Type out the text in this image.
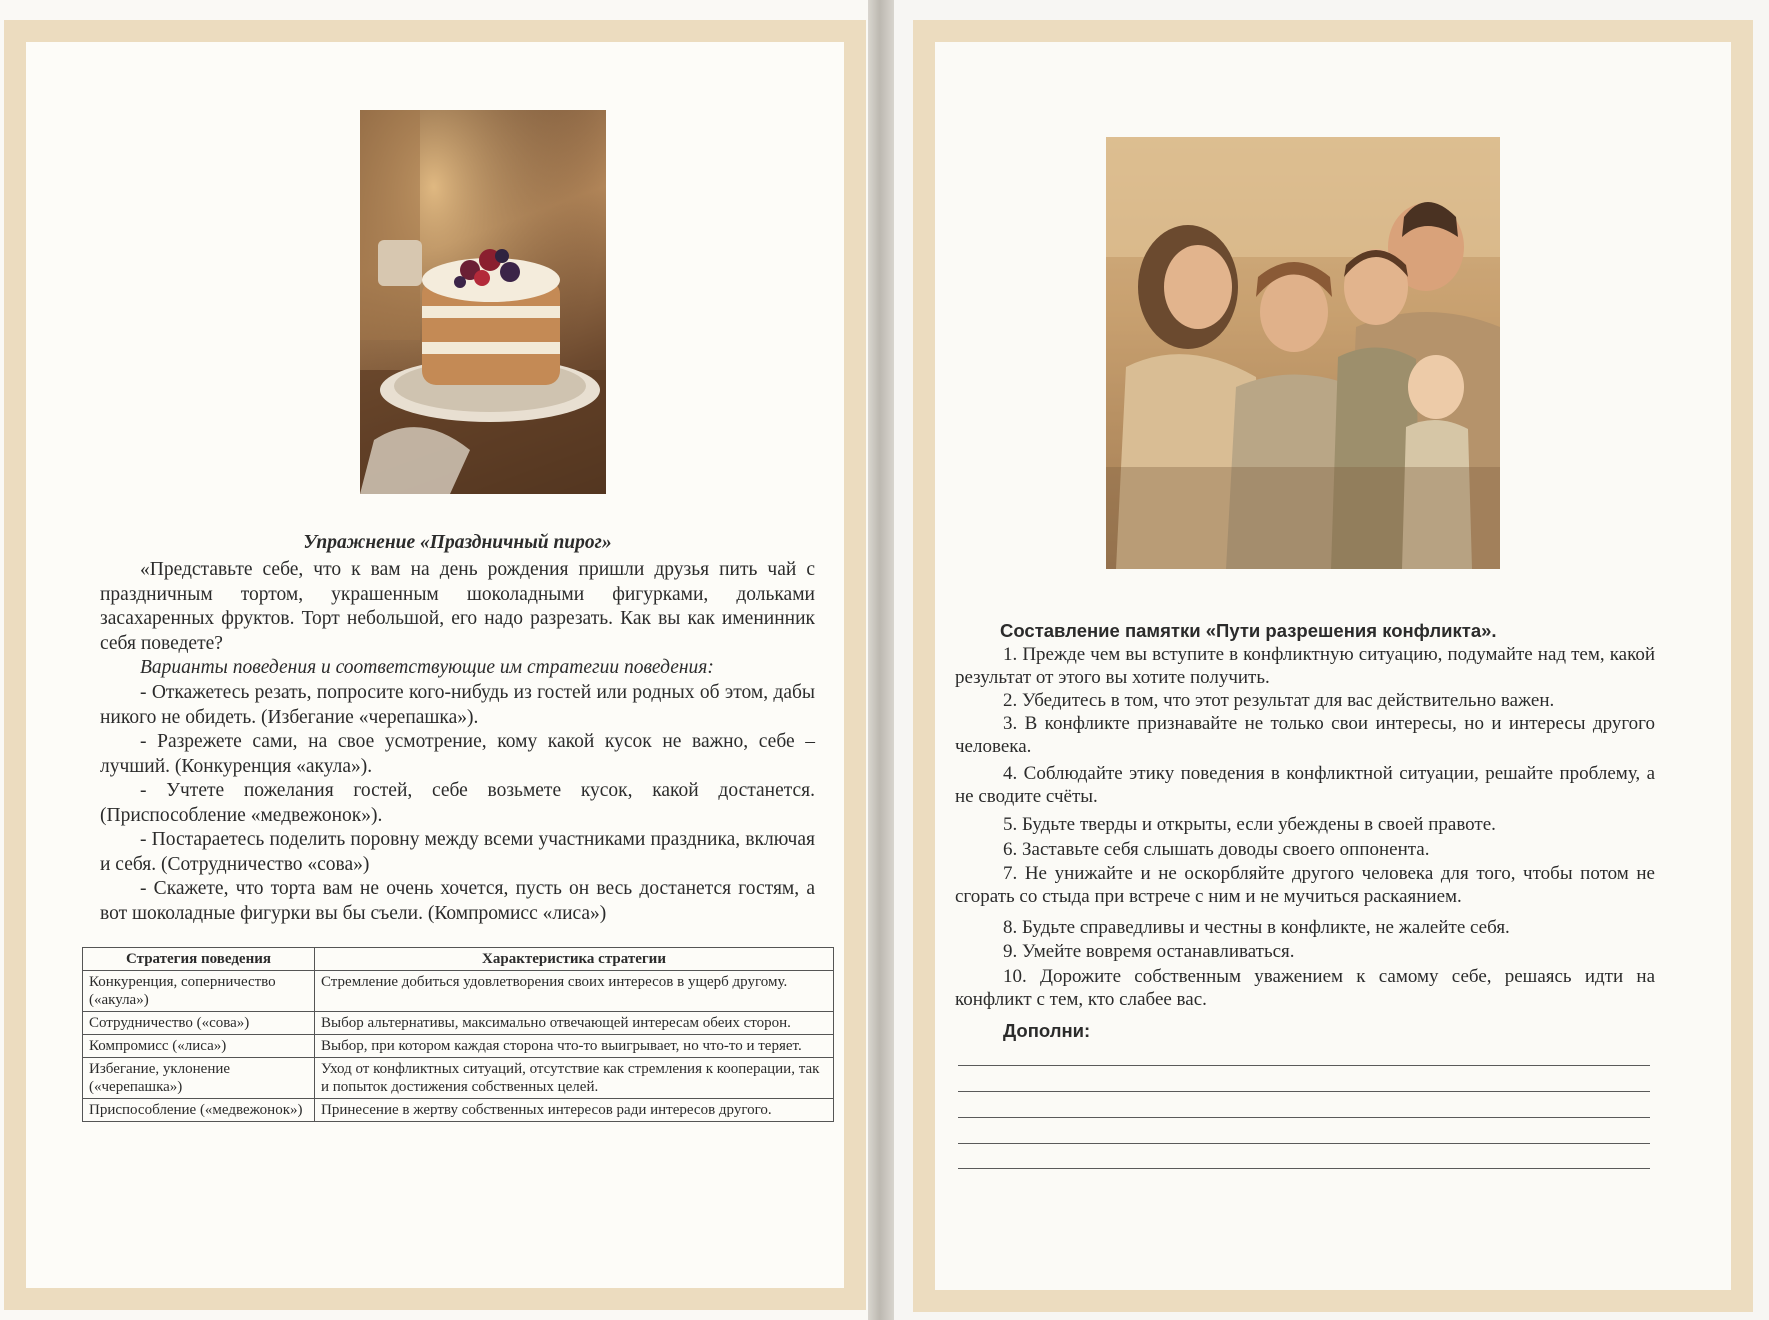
Упражнение «Праздничный пирог»
«Представьте себе, что к вам на день рождения пришли друзья пить чай с праздничным тортом, украшенным шоколадными фигурками, дольками засахаренных фруктов. Торт небольшой, его надо разрезать. Как вы как именинник себя поведете?
Варианты поведения и соответствующие им стратегии поведения:
- Откажетесь резать, попросите кого-нибудь из гостей или родных об этом, дабы никого не обидеть. (Избегание «черепашка»).
- Разрежете сами, на свое усмотрение, кому какой кусок не важно, себе – лучший. (Конкуренция «акула»).
- Учтете пожелания гостей, себе возьмете кусок, какой достанется. (Приспособление «медвежонок»).
- Постараетесь поделить поровну между всеми участниками праздника, включая и себя. (Сотрудничество «сова»)
- Скажете, что торта вам не очень хочется, пусть он весь достанется гостям, а вот шоколадные фигурки вы бы съели. (Компромисс «лиса»)
Стратегия поведения	Характеристика стратегии
Конкуренция, соперничество («акула»)	Стремление добиться удовлетворения своих интересов в ущерб другому.
Сотрудничество («сова»)	Выбор альтернативы, максимально отвечающей интересам обеих сторон.
Компромисс («лиса»)	Выбор, при котором каждая сторона что-то выигрывает, но что-то и теряет.
Избегание, уклонение («черепашка»)	Уход от конфликтных ситуаций, отсутствие как стремления к кооперации, так и попыток достижения собственных целей.
Приспособление («медвежонок»)	Принесение в жертву собственных интересов ради интересов другого.
Составление памятки «Пути разрешения конфликта».
1. Прежде чем вы вступите в конфликтную ситуацию, подумайте над тем, какой результат от этого вы хотите получить.
2. Убедитесь в том, что этот результат для вас действительно важен.
3. В конфликте признавайте не только свои интересы, но и интересы другого человека.
4. Соблюдайте этику поведения в конфликтной ситуации, решайте проблему, а не сводите счёты.
5. Будьте тверды и открыты, если убеждены в своей правоте.
6. Заставьте себя слышать доводы своего оппонента.
7. Не унижайте и не оскорбляйте другого человека для того, чтобы потом не сгорать со стыда при встрече с ним и не мучиться раскаянием.
8. Будьте справедливы и честны в конфликте, не жалейте себя.
9. Умейте вовремя останавливаться.
10. Дорожите собственным уважением к самому себе, решаясь идти на конфликт с тем, кто слабее вас.
Дополни:
